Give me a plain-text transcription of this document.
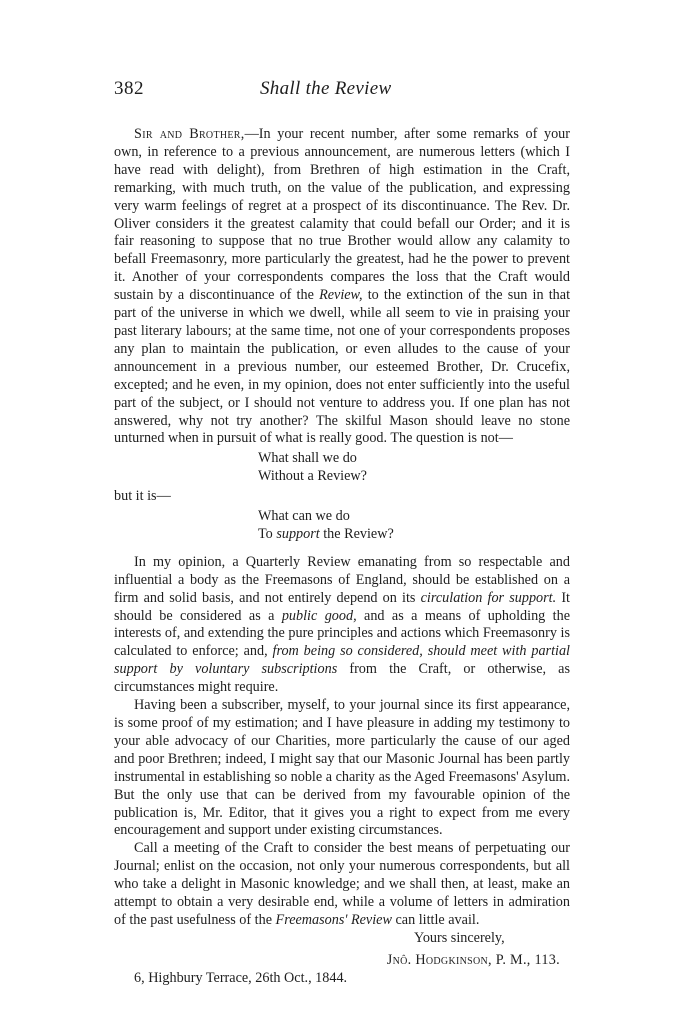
382	Shall the Review

Sir and Brother,—In your recent number, after some remarks of your own, in reference to a previous announcement, are numerous letters (which I have read with delight), from Brethren of high estimation in the Craft, remarking, with much truth, on the value of the publication, and expressing very warm feelings of regret at a prospect of its discontinuance. The Rev. Dr. Oliver considers it the greatest calamity that could befall our Order; and it is fair reasoning to suppose that no true Brother would allow any calamity to befall Freemasonry, more particularly the greatest, had he the power to prevent it. Another of your correspondents compares the loss that the Craft would sustain by a discontinuance of the Review, to the extinction of the sun in that part of the universe in which we dwell, while all seem to vie in praising your past literary labours; at the same time, not one of your correspondents proposes any plan to maintain the publication, or even alludes to the cause of your announcement in a previous number, our esteemed Brother, Dr. Crucefix, excepted; and he even, in my opinion, does not enter sufficiently into the useful part of the subject, or I should not venture to address you. If one plan has not answered, why not try another? The skilful Mason should leave no stone unturned when in pursuit of what is really good. The question is not—

What shall we do
Without a Review?

but it is—

What can we do
To support the Review?

In my opinion, a Quarterly Review emanating from so respectable and influential a body as the Freemasons of England, should be established on a firm and solid basis, and not entirely depend on its circulation for support. It should be considered as a public good, and as a means of upholding the interests of, and extending the pure principles and actions which Freemasonry is calculated to enforce; and, from being so considered, should meet with partial support by voluntary subscriptions from the Craft, or otherwise, as circumstances might require.

Having been a subscriber, myself, to your journal since its first appearance, is some proof of my estimation; and I have pleasure in adding my testimony to your able advocacy of our Charities, more particularly the cause of our aged and poor Brethren; indeed, I might say that our Masonic Journal has been partly instrumental in establishing so noble a charity as the Aged Freemasons' Asylum. But the only use that can be derived from my favourable opinion of the publication is, Mr. Editor, that it gives you a right to expect from me every encouragement and support under existing circumstances.

Call a meeting of the Craft to consider the best means of perpetuating our Journal; enlist on the occasion, not only your numerous correspondents, but all who take a delight in Masonic knowledge; and we shall then, at least, make an attempt to obtain a very desirable end, while a volume of letters in admiration of the past usefulness of the Freemasons' Review can little avail.

Yours sincerely,
Jnô. Hodgkinson, P. M., 113.
6, Highbury Terrace, 26th Oct., 1844.
